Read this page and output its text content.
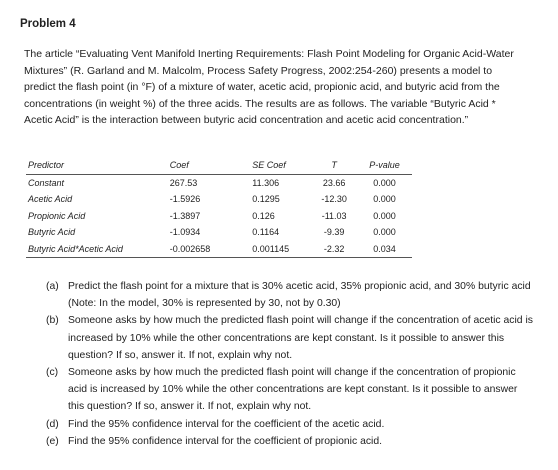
Problem 4

The article “Evaluating Vent Manifold Inerting Requirements: Flash Point Modeling for Organic Acid-Water Mixtures” (R. Garland and M. Malcolm, Process Safety Progress, 2002:254-260) presents a model to predict the flash point (in °F) of a mixture of water, acetic acid, propionic acid, and butyric acid from the concentrations (in weight %) of the three acids. The results are as follows. The variable “Butyric Acid * Acetic Acid” is the interaction between butyric acid concentration and acetic acid concentration.”

Predictor	Coef	SE Coef	T	P-value
Constant	267.53	11.306	23.66	0.000
Acetic Acid	-1.5926	0.1295	-12.30	0.000
Propionic Acid	-1.3897	0.126	-11.03	0.000
Butyric Acid	-1.0934	0.1164	-9.39	0.000
Butyric Acid*Acetic Acid	-0.002658	0.001145	-2.32	0.034
(a) Predict the flash point for a mixture that is 30% acetic acid, 35% propionic acid, and 30% butyric acid (Note: In the model, 30% is represented by 30, not by 0.30)
(b) Someone asks by how much the predicted flash point will change if the concentration of acetic acid is increased by 10% while the other concentrations are kept constant. Is it possible to answer this question? If so, answer it. If not, explain why not.
(c) Someone asks by how much the predicted flash point will change if the concentration of propionic acid is increased by 10% while the other concentrations are kept constant. Is it possible to answer this question? If so, answer it. If not, explain why not.
(d) Find the 95% confidence interval for the coefficient of the acetic acid.
(e) Find the 95% confidence interval for the coefficient of propionic acid.
